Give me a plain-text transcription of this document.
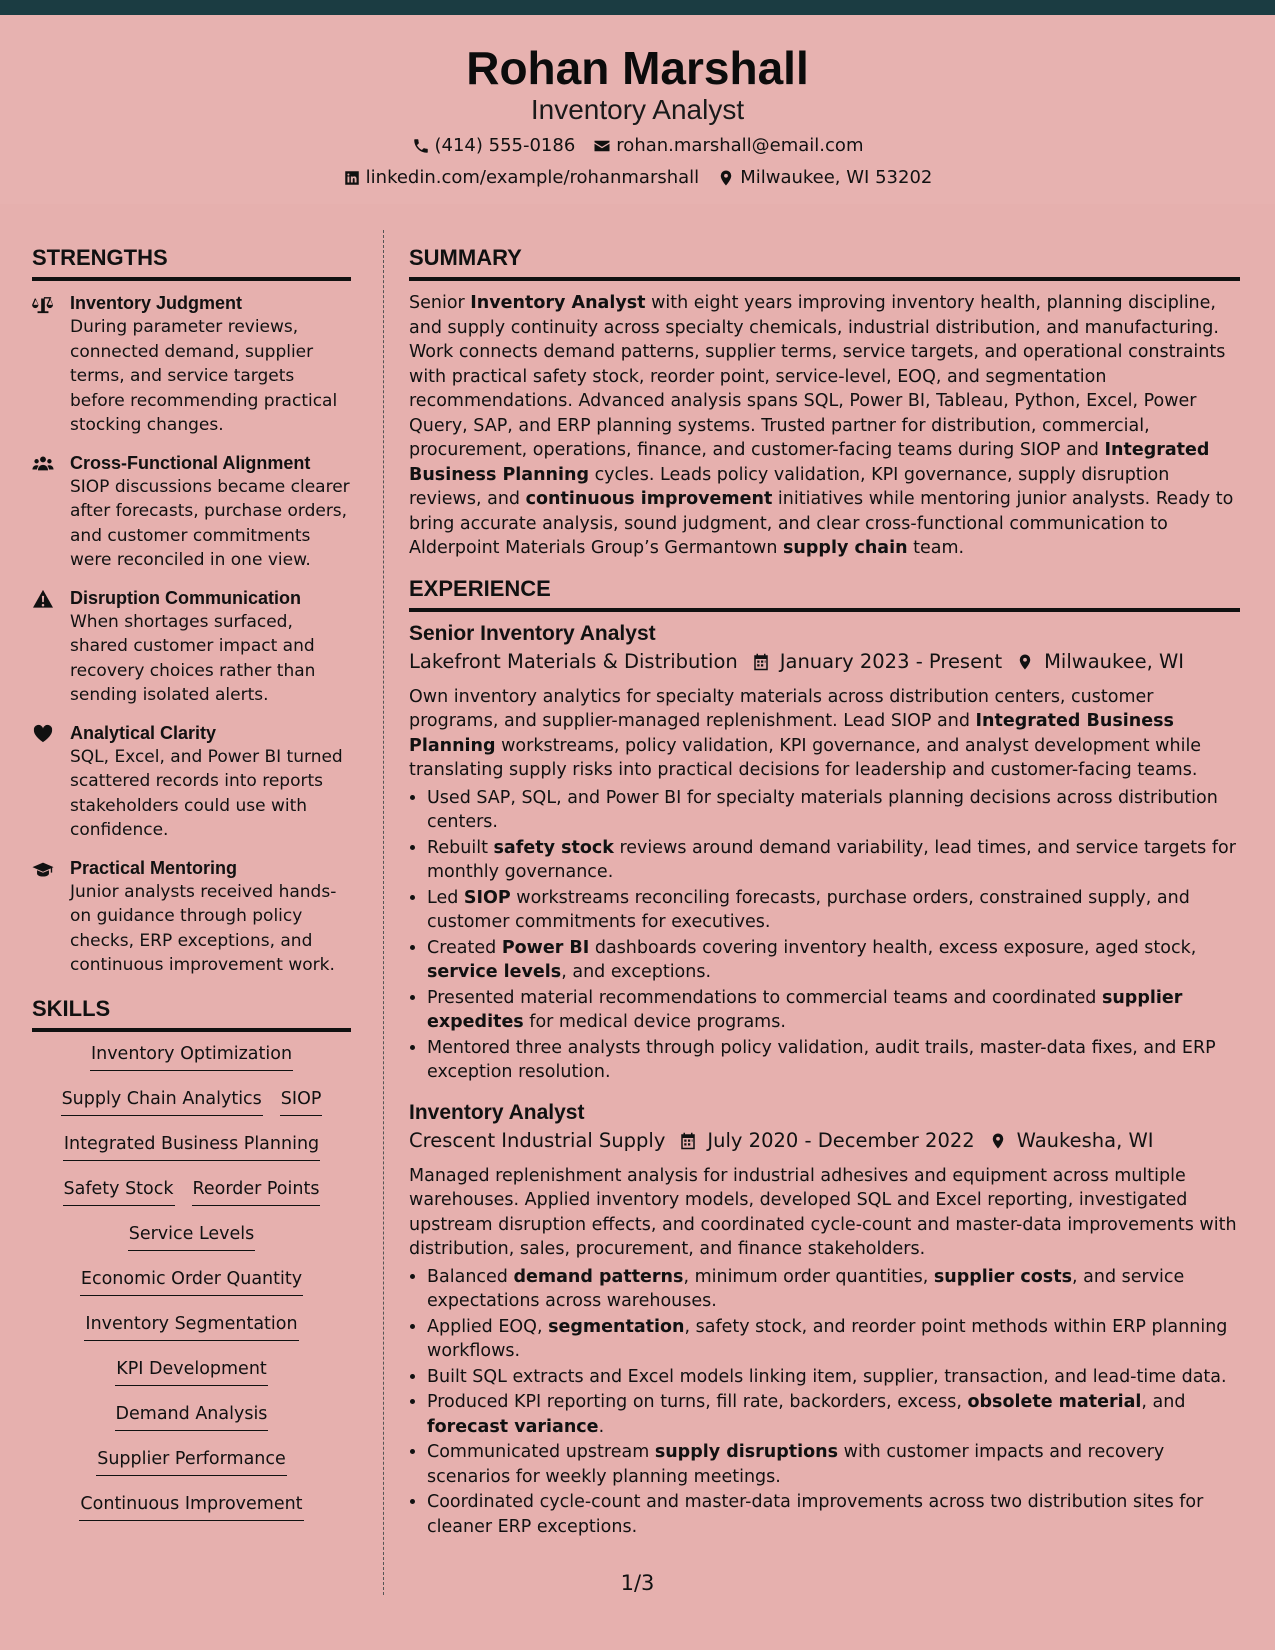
Rohan Marshall
Inventory Analyst
(414) 555-0186 rohan.marshall@email.com
linkedin.com/example/rohanmarshall Milwaukee, WI 53202
STRENGTHS
Inventory Judgment
During parameter reviews, connected demand, supplier terms, and service targets before recommending practical stocking changes.
Cross-Functional Alignment
SIOP discussions became clearer after forecasts, purchase orders, and customer commitments were reconciled in one view.
Disruption Communication
When shortages surfaced, shared customer impact and recovery choices rather than sending isolated alerts.
Analytical Clarity
SQL, Excel, and Power BI turned scattered records into reports stakeholders could use with confidence.
Practical Mentoring
Junior analysts received hands-on guidance through policy checks, ERP exceptions, and continuous improvement work.
SKILLS
Inventory Optimization
Supply Chain Analytics SIOP
Integrated Business Planning
Safety Stock Reorder Points
Service Levels
Economic Order Quantity
Inventory Segmentation
KPI Development
Demand Analysis
Supplier Performance
Continuous Improvement
SUMMARY

Senior Inventory Analyst with eight years improving inventory health, planning discipline, and supply continuity across specialty chemicals, industrial distribution, and manufacturing. Work connects demand patterns, supplier terms, service targets, and operational constraints with practical safety stock, reorder point, service-level, EOQ, and segmentation recommendations. Advanced analysis spans SQL, Power BI, Tableau, Python, Excel, Power Query, SAP, and ERP planning systems. Trusted partner for distribution, commercial, procurement, operations, finance, and customer-facing teams during SIOP and Integrated Business Planning cycles. Leads policy validation, KPI governance, supply disruption reviews, and continuous improvement initiatives while mentoring junior analysts. Ready to bring accurate analysis, sound judgment, and clear cross-functional communication to Alderpoint Materials Group’s Germantown supply chain team.

EXPERIENCE
Senior Inventory Analyst
Lakefront Materials & Distribution January 2023 - Present Milwaukee, WI

Own inventory analytics for specialty materials across distribution centers, customer programs, and supplier-managed replenishment. Lead SIOP and Integrated Business Planning workstreams, policy validation, KPI governance, and analyst development while translating supply risks into practical decisions for leadership and customer-facing teams.

• Used SAP, SQL, and Power BI for specialty materials planning decisions across distribution centers.
• Rebuilt safety stock reviews around demand variability, lead times, and service targets for monthly governance.
• Led SIOP workstreams reconciling forecasts, purchase orders, constrained supply, and customer commitments for executives.
• Created Power BI dashboards covering inventory health, excess exposure, aged stock, service levels, and exceptions.
• Presented material recommendations to commercial teams and coordinated supplier expedites for medical device programs.
• Mentored three analysts through policy validation, audit trails, master-data fixes, and ERP exception resolution.
Inventory Analyst
Crescent Industrial Supply July 2020 - December 2022 Waukesha, WI

Managed replenishment analysis for industrial adhesives and equipment across multiple warehouses. Applied inventory models, developed SQL and Excel reporting, investigated upstream disruption effects, and coordinated cycle-count and master-data improvements with distribution, sales, procurement, and finance stakeholders.

• Balanced demand patterns, minimum order quantities, supplier costs, and service expectations across warehouses.
• Applied EOQ, segmentation, safety stock, and reorder point methods within ERP planning workflows.
• Built SQL extracts and Excel models linking item, supplier, transaction, and lead-time data.
• Produced KPI reporting on turns, fill rate, backorders, excess, obsolete material, and forecast variance.
• Communicated upstream supply disruptions with customer impacts and recovery scenarios for weekly planning meetings.
• Coordinated cycle-count and master-data improvements across two distribution sites for cleaner ERP exceptions.
1/3
